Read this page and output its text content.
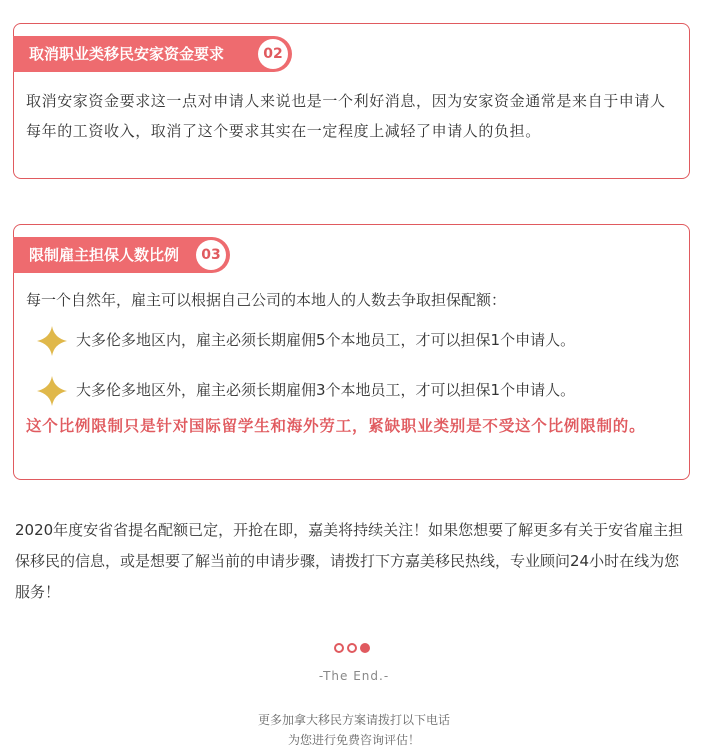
取消职业类移民安家资金要求	02
取消安家资金要求这一点对申请人来说也是一个利好消息，因为安家资金通常是来自于申请人每年的工资收入，取消了这个要求其实在一定程度上减轻了申请人的负担。
限制雇主担保人数比例	03
每一个自然年，雇主可以根据自己公司的本地人的人数去争取担保配额：
大多伦多地区内，雇主必须长期雇佣5个本地员工，才可以担保1个申请人。
大多伦多地区外，雇主必须长期雇佣3个本地员工，才可以担保1个申请人。
这个比例限制只是针对国际留学生和海外劳工，紧缺职业类别是不受这个比例限制的。
2020年度安省省提名配额已定，开抢在即，嘉美将持续关注！如果您想要了解更多有关于安省雇主担保移民的信息，或是想要了解当前的申请步骤，请拨打下方嘉美移民热线，专业顾问24小时在线为您服务！
-The End.-
更多加拿大移民方案请拨打以下电话
为您进行免费咨询评估！
